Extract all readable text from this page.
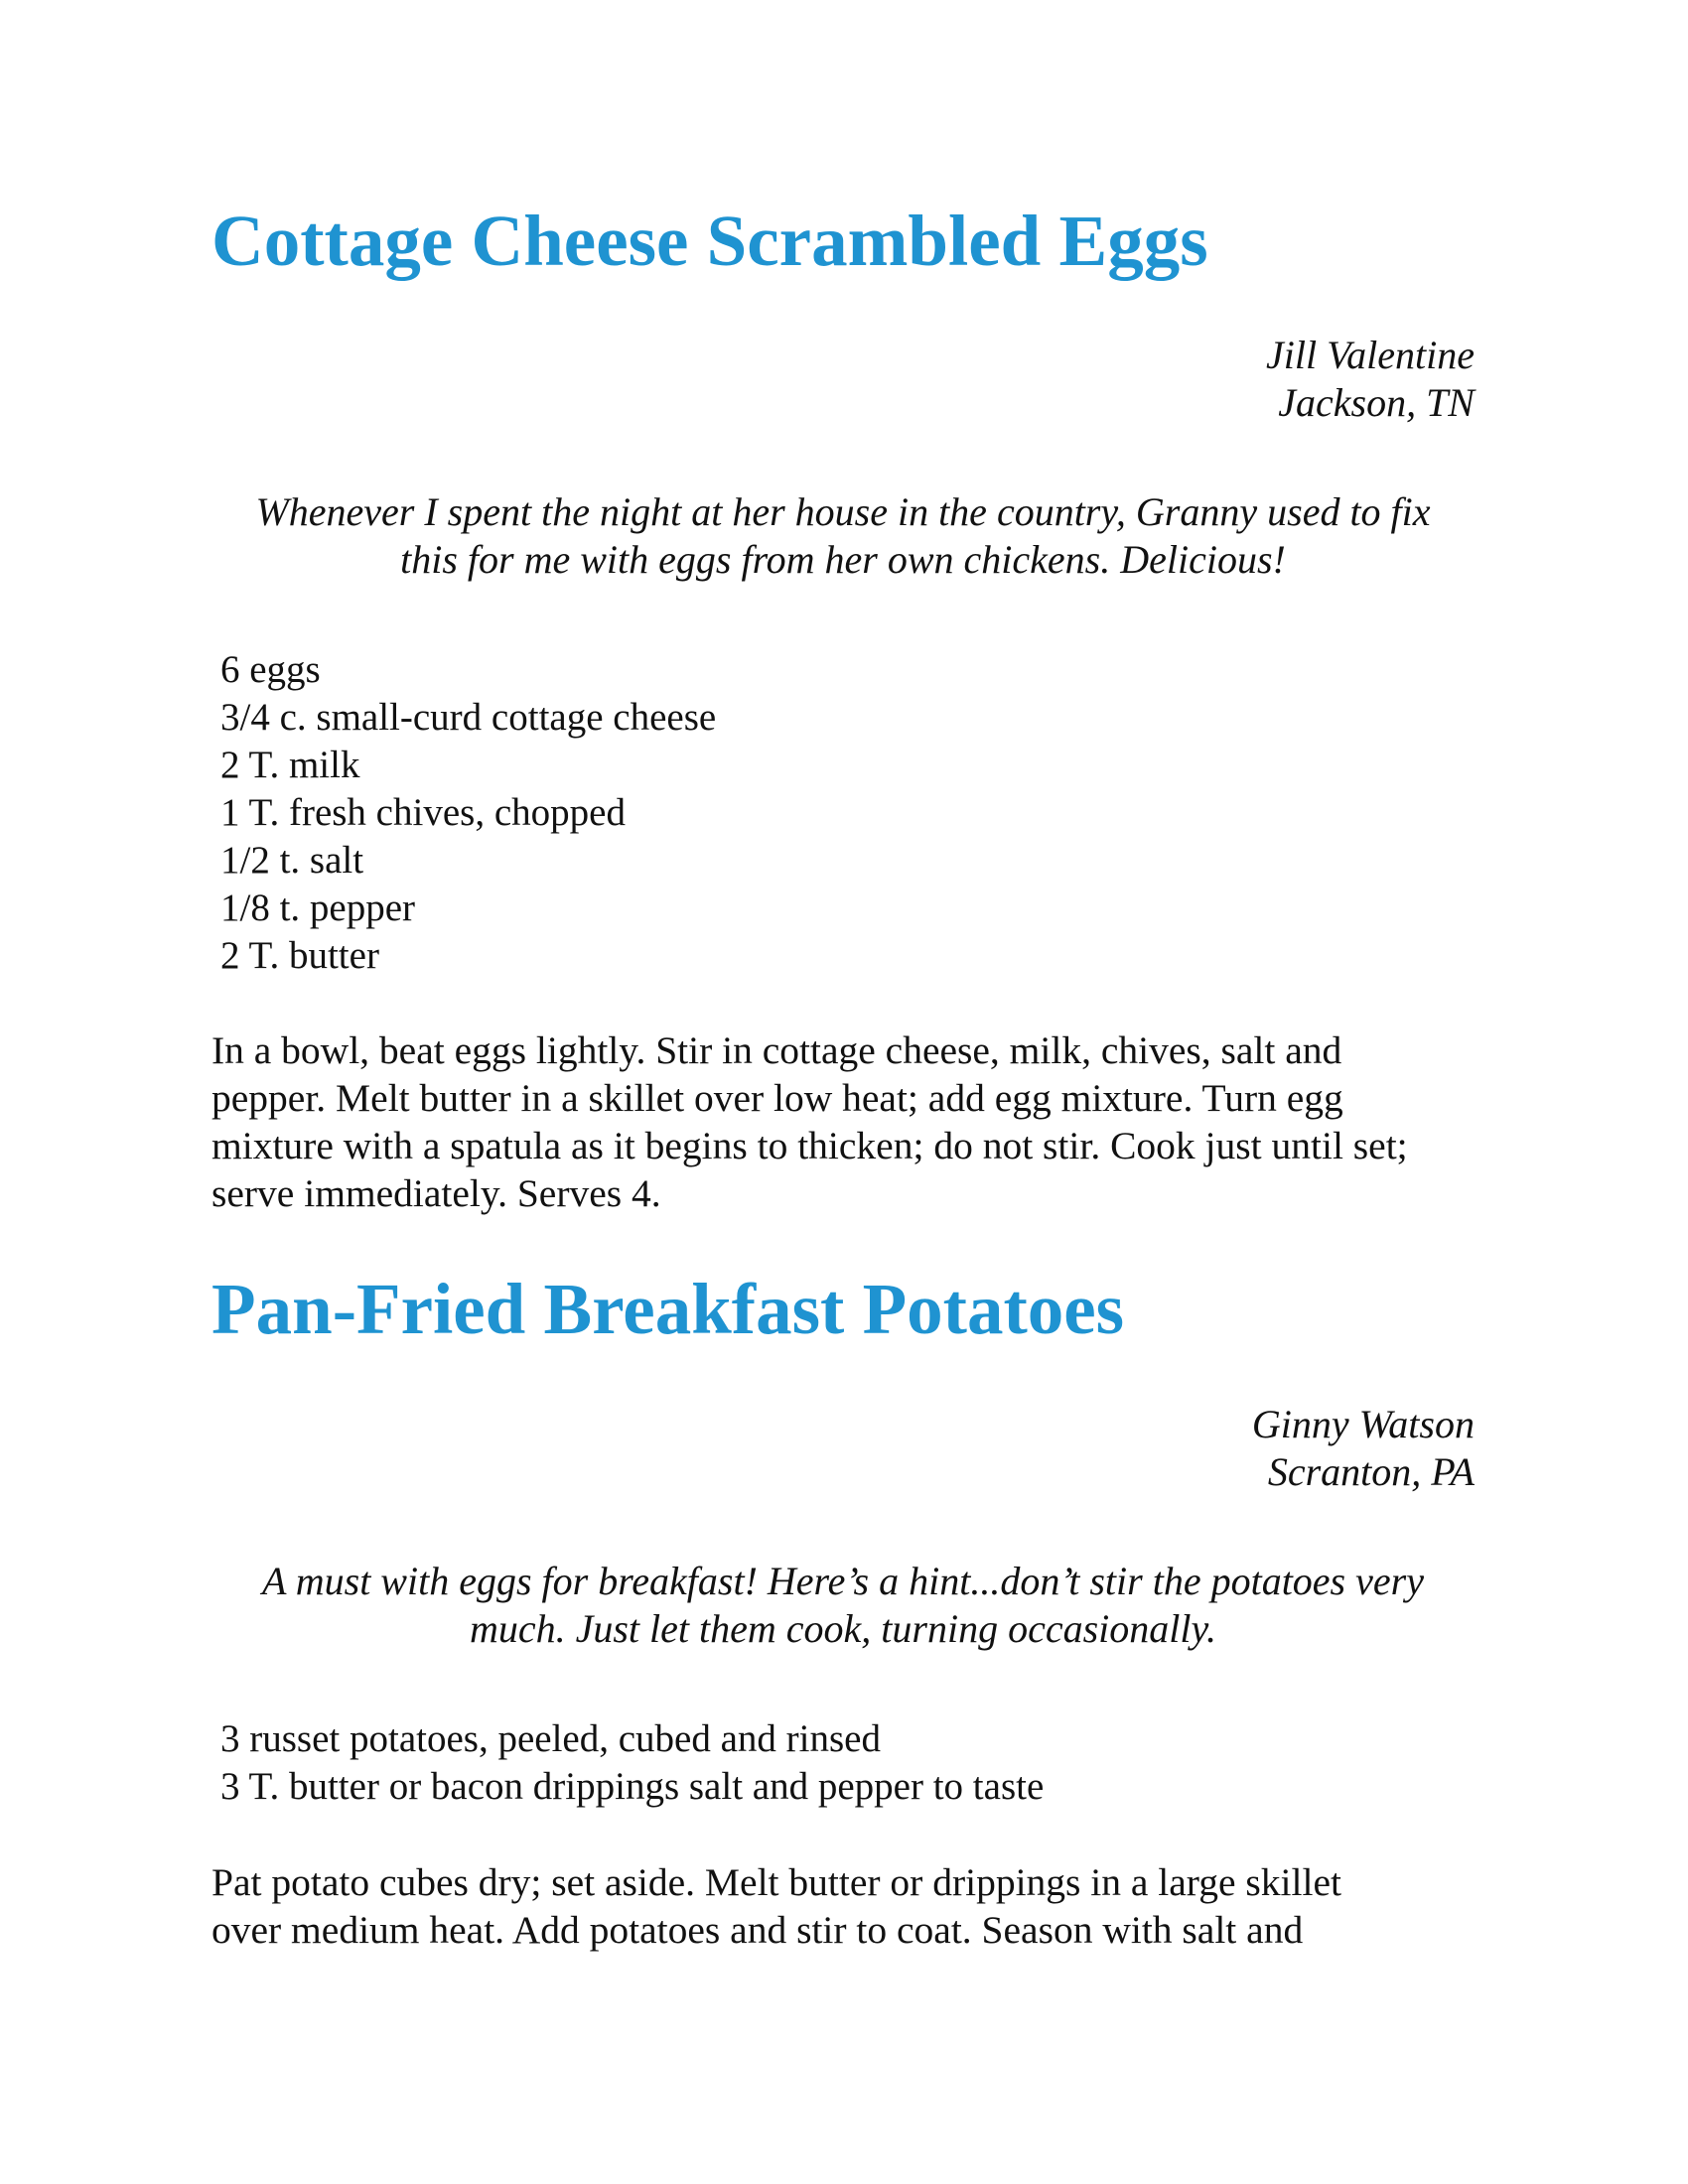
Cottage Cheese Scrambled Eggs
Jill Valentine
Jackson, TN
Whenever I spent the night at her house in the country, Granny used to fix
this for me with eggs from her own chickens. Delicious!
6 eggs
3/4 c. small-curd cottage cheese
2 T. milk
1 T. fresh chives, chopped
1/2 t. salt
1/8 t. pepper
2 T. butter
In a bowl, beat eggs lightly. Stir in cottage cheese, milk, chives, salt and
pepper. Melt butter in a skillet over low heat; add egg mixture. Turn egg
mixture with a spatula as it begins to thicken; do not stir. Cook just until set;
serve immediately. Serves 4.
Pan-Fried Breakfast Potatoes
Ginny Watson
Scranton, PA
A must with eggs for breakfast! Here’s a hint...don’t stir the potatoes very
much. Just let them cook, turning occasionally.
3 russet potatoes, peeled, cubed and rinsed
3 T. butter or bacon drippings salt and pepper to taste
Pat potato cubes dry; set aside. Melt butter or drippings in a large skillet
over medium heat. Add potatoes and stir to coat. Season with salt and
